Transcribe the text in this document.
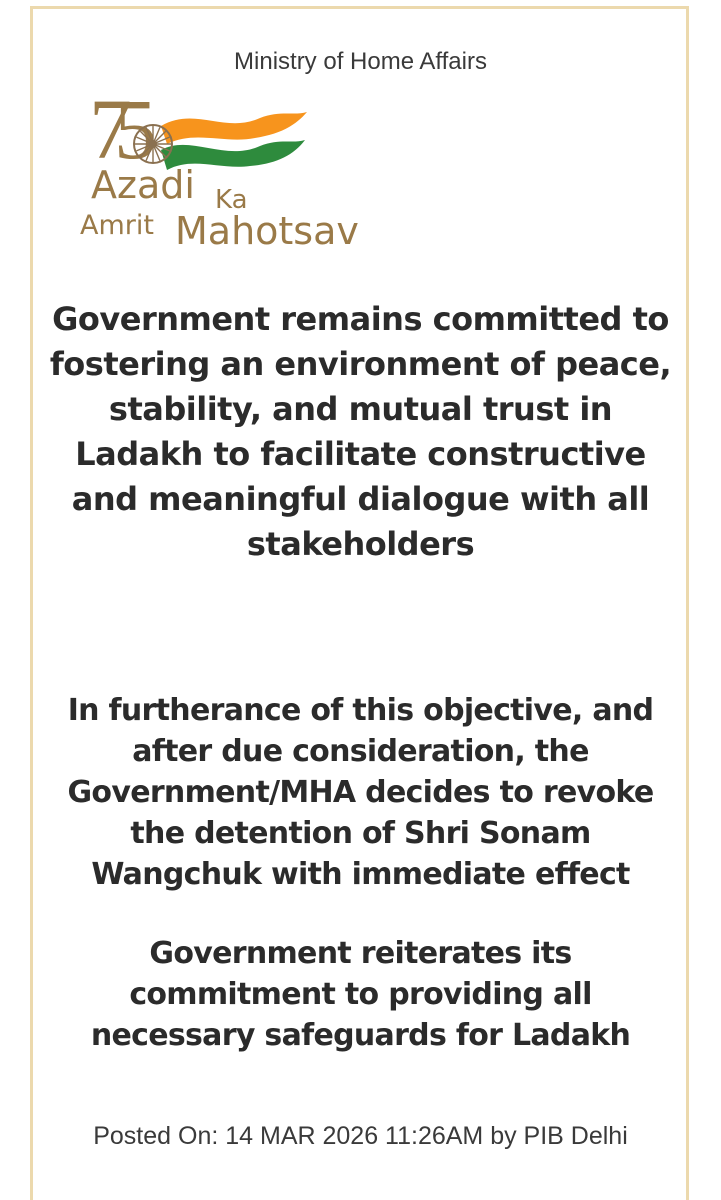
Ministry of Home Affairs
75
Azadi Ka
Amrit Mahotsav
Government remains committed to fostering an environment of peace, stability, and mutual trust in Ladakh to facilitate constructive and meaningful dialogue with all stakeholders
In furtherance of this objective, and after due consideration, the Government/MHA decides to revoke the detention of Shri Sonam Wangchuk with immediate effect
Government reiterates its commitment to providing all necessary safeguards for Ladakh
Posted On: 14 MAR 2026 11:26AM by PIB Delhi
